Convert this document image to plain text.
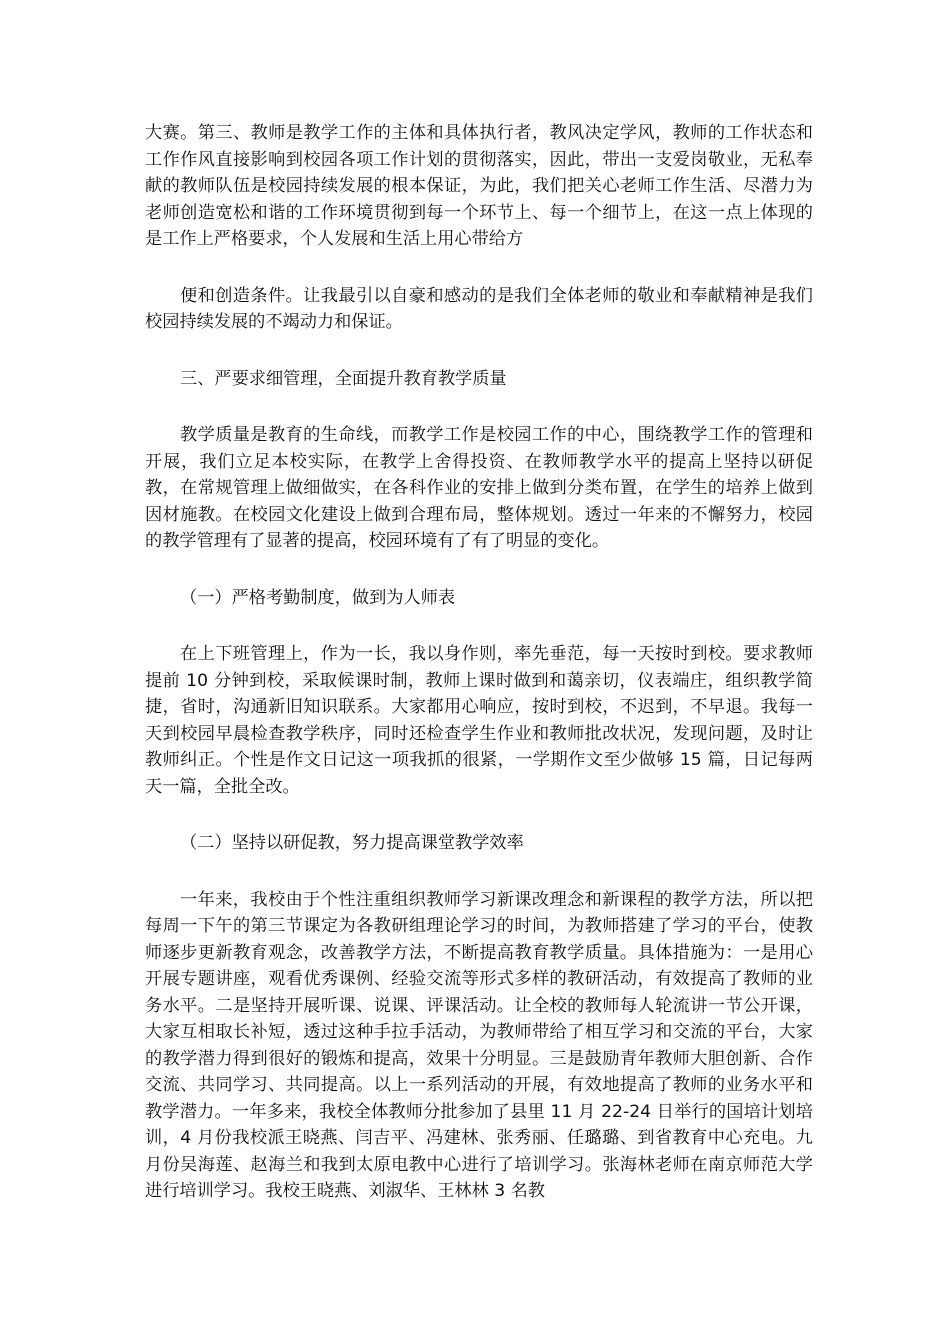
大赛。第三、教师是教学工作的主体和具体执行者，教风决定学风，教师的工作状态和工作作风直接影响到校园各项工作计划的贯彻落实，因此，带出一支爱岗敬业，无私奉献的教师队伍是校园持续发展的根本保证，为此，我们把关心老师工作生活、尽潜力为老师创造宽松和谐的工作环境贯彻到每一个环节上、每一个细节上，在这一点上体现的是工作上严格要求，个人发展和生活上用心带给方

便和创造条件。让我最引以自豪和感动的是我们全体老师的敬业和奉献精神是我们校园持续发展的不竭动力和保证。

三、严要求细管理，全面提升教育教学质量

教学质量是教育的生命线，而教学工作是校园工作的中心，围绕教学工作的管理和开展，我们立足本校实际，在教学上舍得投资、在教师教学水平的提高上坚持以研促教，在常规管理上做细做实，在各科作业的安排上做到分类布置，在学生的培养上做到因材施教。在校园文化建设上做到合理布局，整体规划。透过一年来的不懈努力，校园的教学管理有了显著的提高，校园环境有了有了明显的变化。

（一）严格考勤制度，做到为人师表

在上下班管理上，作为一长，我以身作则，率先垂范，每一天按时到校。要求教师提前 10 分钟到校，采取候课时制，教师上课时做到和蔼亲切，仪表端庄，组织教学简捷，省时，沟通新旧知识联系。大家都用心响应，按时到校，不迟到，不早退。我每一天到校园早晨检查教学秩序，同时还检查学生作业和教师批改状况，发现问题，及时让教师纠正。个性是作文日记这一项我抓的很紧，一学期作文至少做够 15 篇，日记每两天一篇，全批全改。

（二）坚持以研促教，努力提高课堂教学效率

一年来，我校由于个性注重组织教师学习新课改理念和新课程的教学方法，所以把每周一下午的第三节课定为各教研组理论学习的时间，为教师搭建了学习的平台，使教师逐步更新教育观念，改善教学方法，不断提高教育教学质量。具体措施为：一是用心开展专题讲座，观看优秀课例、经验交流等形式多样的教研活动，有效提高了教师的业务水平。二是坚持开展听课、说课、评课活动。让全校的教师每人轮流讲一节公开课，大家互相取长补短，透过这种手拉手活动，为教师带给了相互学习和交流的平台，大家的教学潜力得到很好的锻炼和提高，效果十分明显。三是鼓励青年教师大胆创新、合作交流、共同学习、共同提高。以上一系列活动的开展，有效地提高了教师的业务水平和教学潜力。一年多来，我校全体教师分批参加了县里 11 月 22-24 日举行的国培计划培训，4 月份我校派王晓燕、闫吉平、冯建林、张秀丽、任璐璐、到省教育中心充电。九月份吴海莲、赵海兰和我到太原电教中心进行了培训学习。张海林老师在南京师范大学进行培训学习。我校王晓燕、刘淑华、王林林 3 名教
